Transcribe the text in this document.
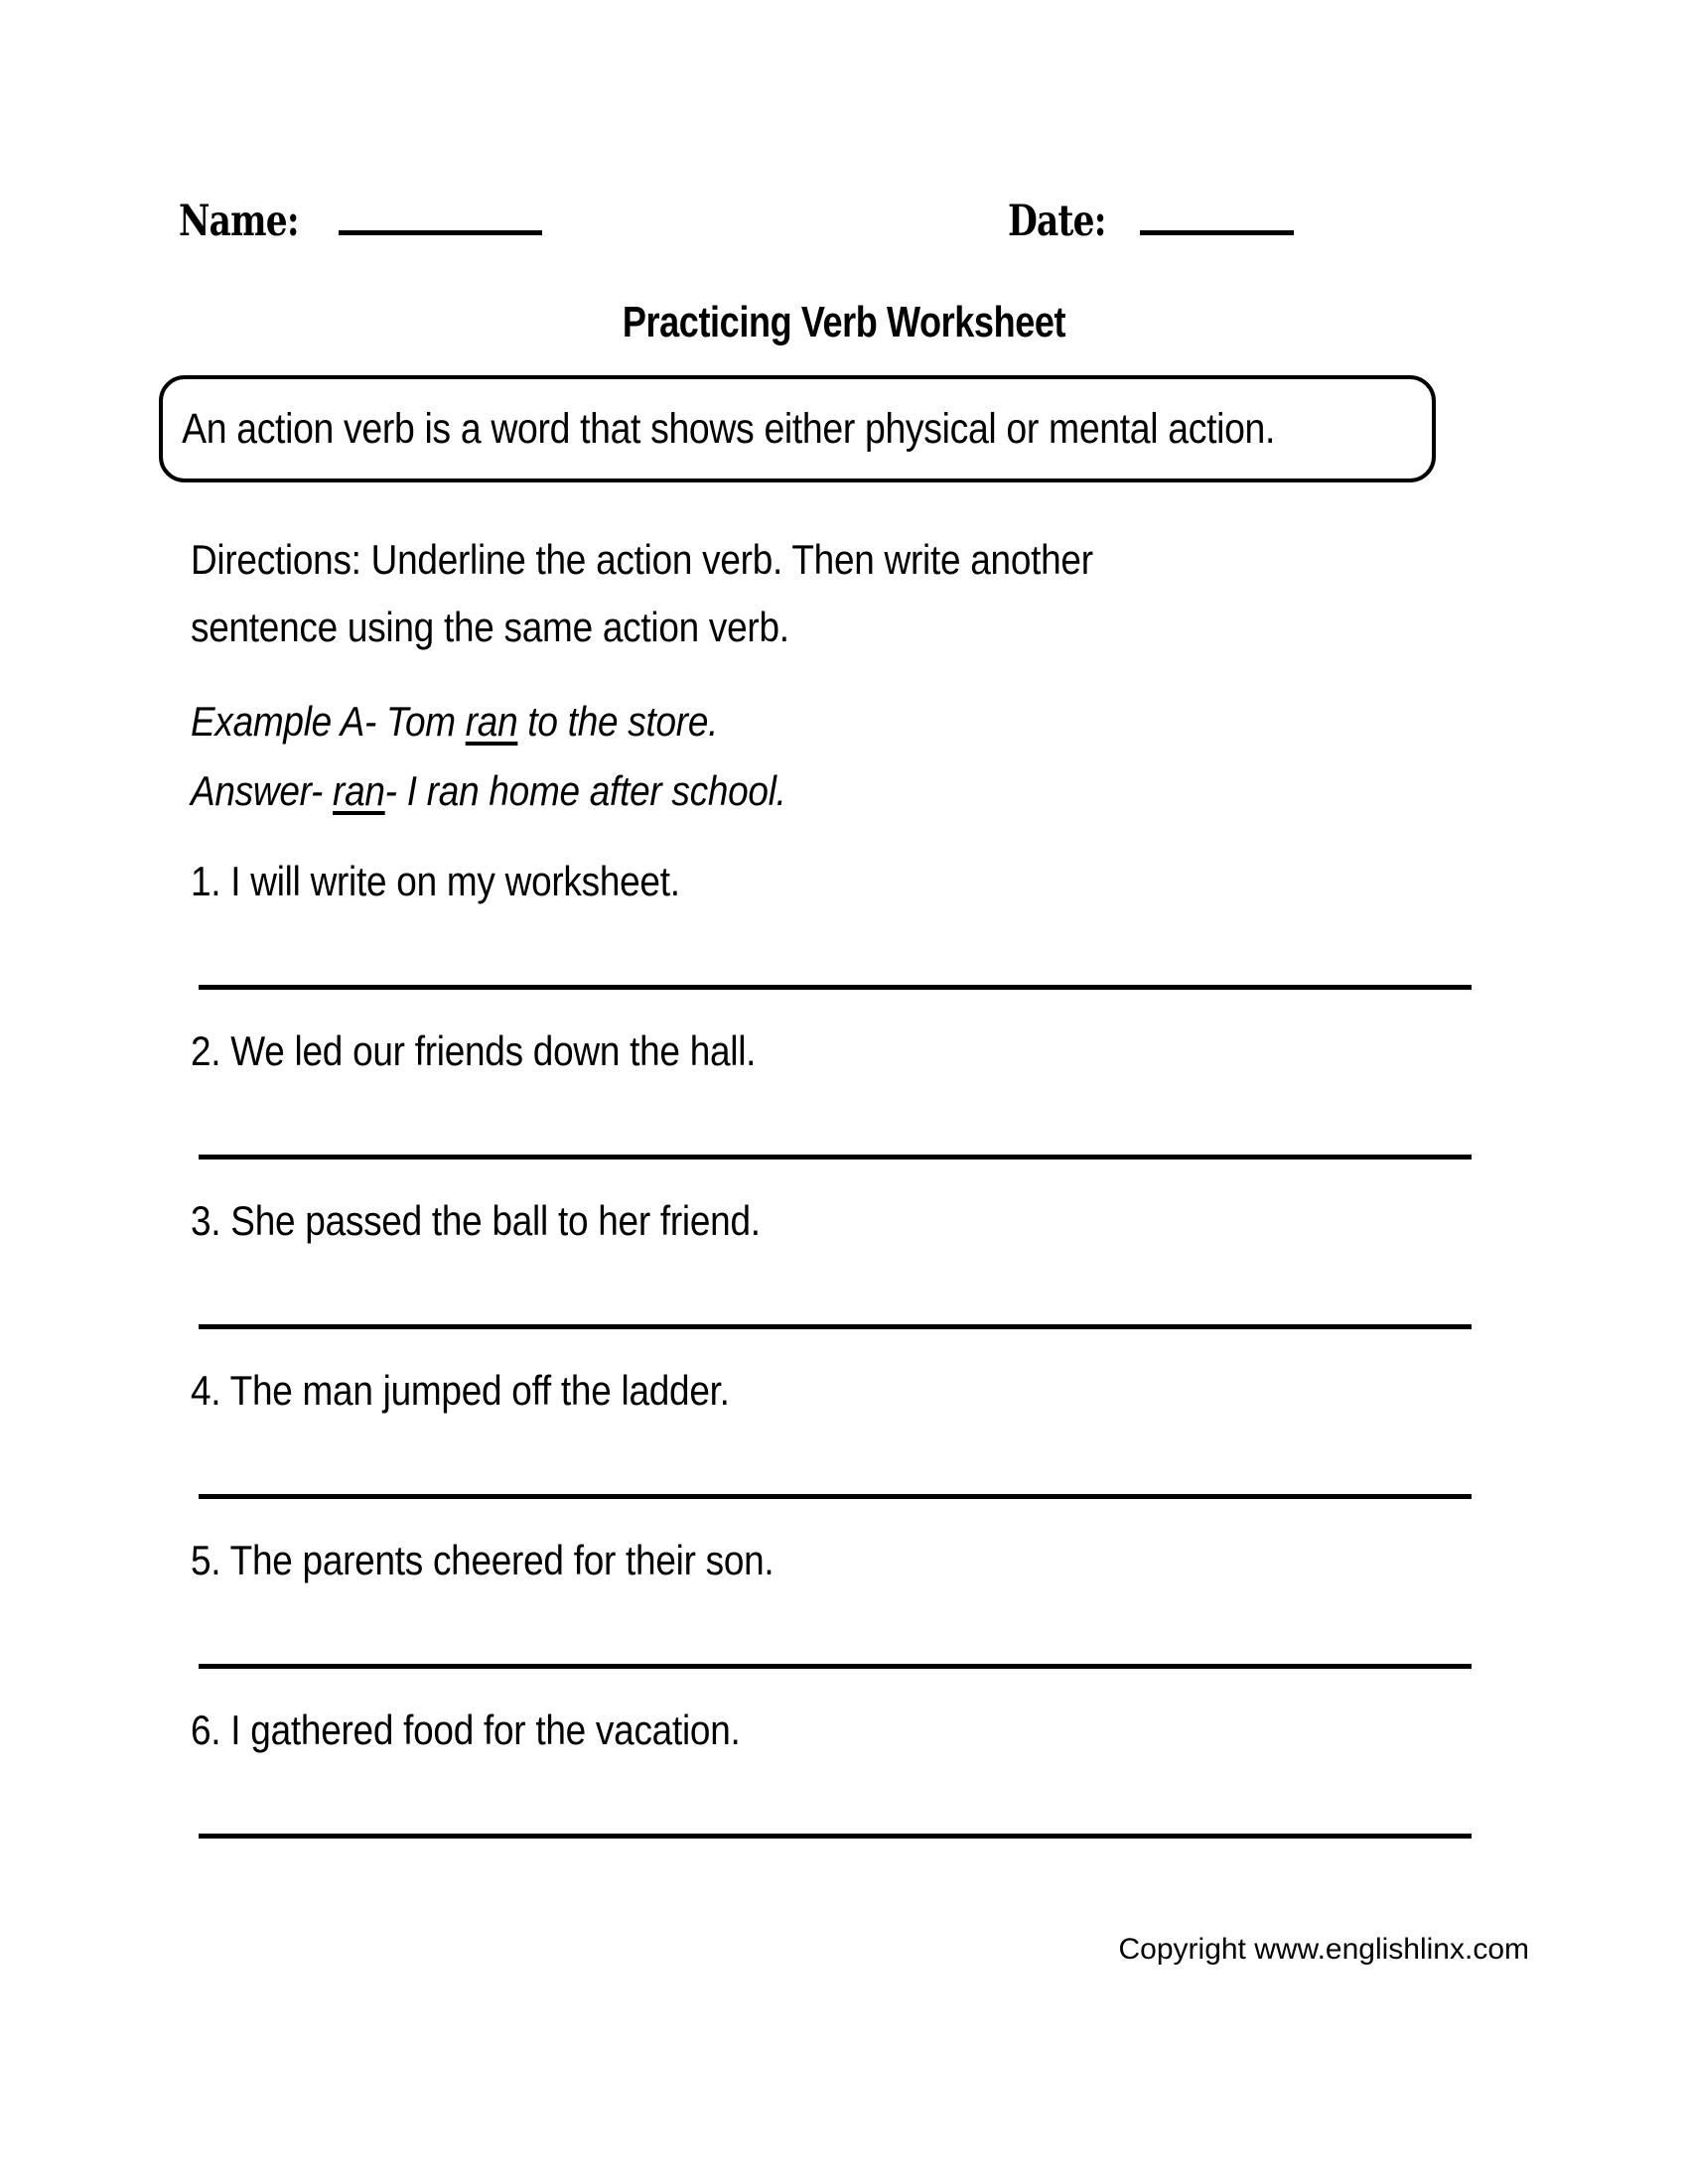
Name:	Date:
Practicing Verb Worksheet
An action verb is a word that shows either physical or mental action.
Directions: Underline the action verb. Then write another
sentence using the same action verb.
Example A- Tom ran to the store.
Answer- ran- I ran home after school.
1. I will write on my worksheet.
2. We led our friends down the hall.
3. She passed the ball to her friend.
4. The man jumped off the ladder.
5. The parents cheered for their son.
6. I gathered food for the vacation.
Copyright www.englishlinx.com
